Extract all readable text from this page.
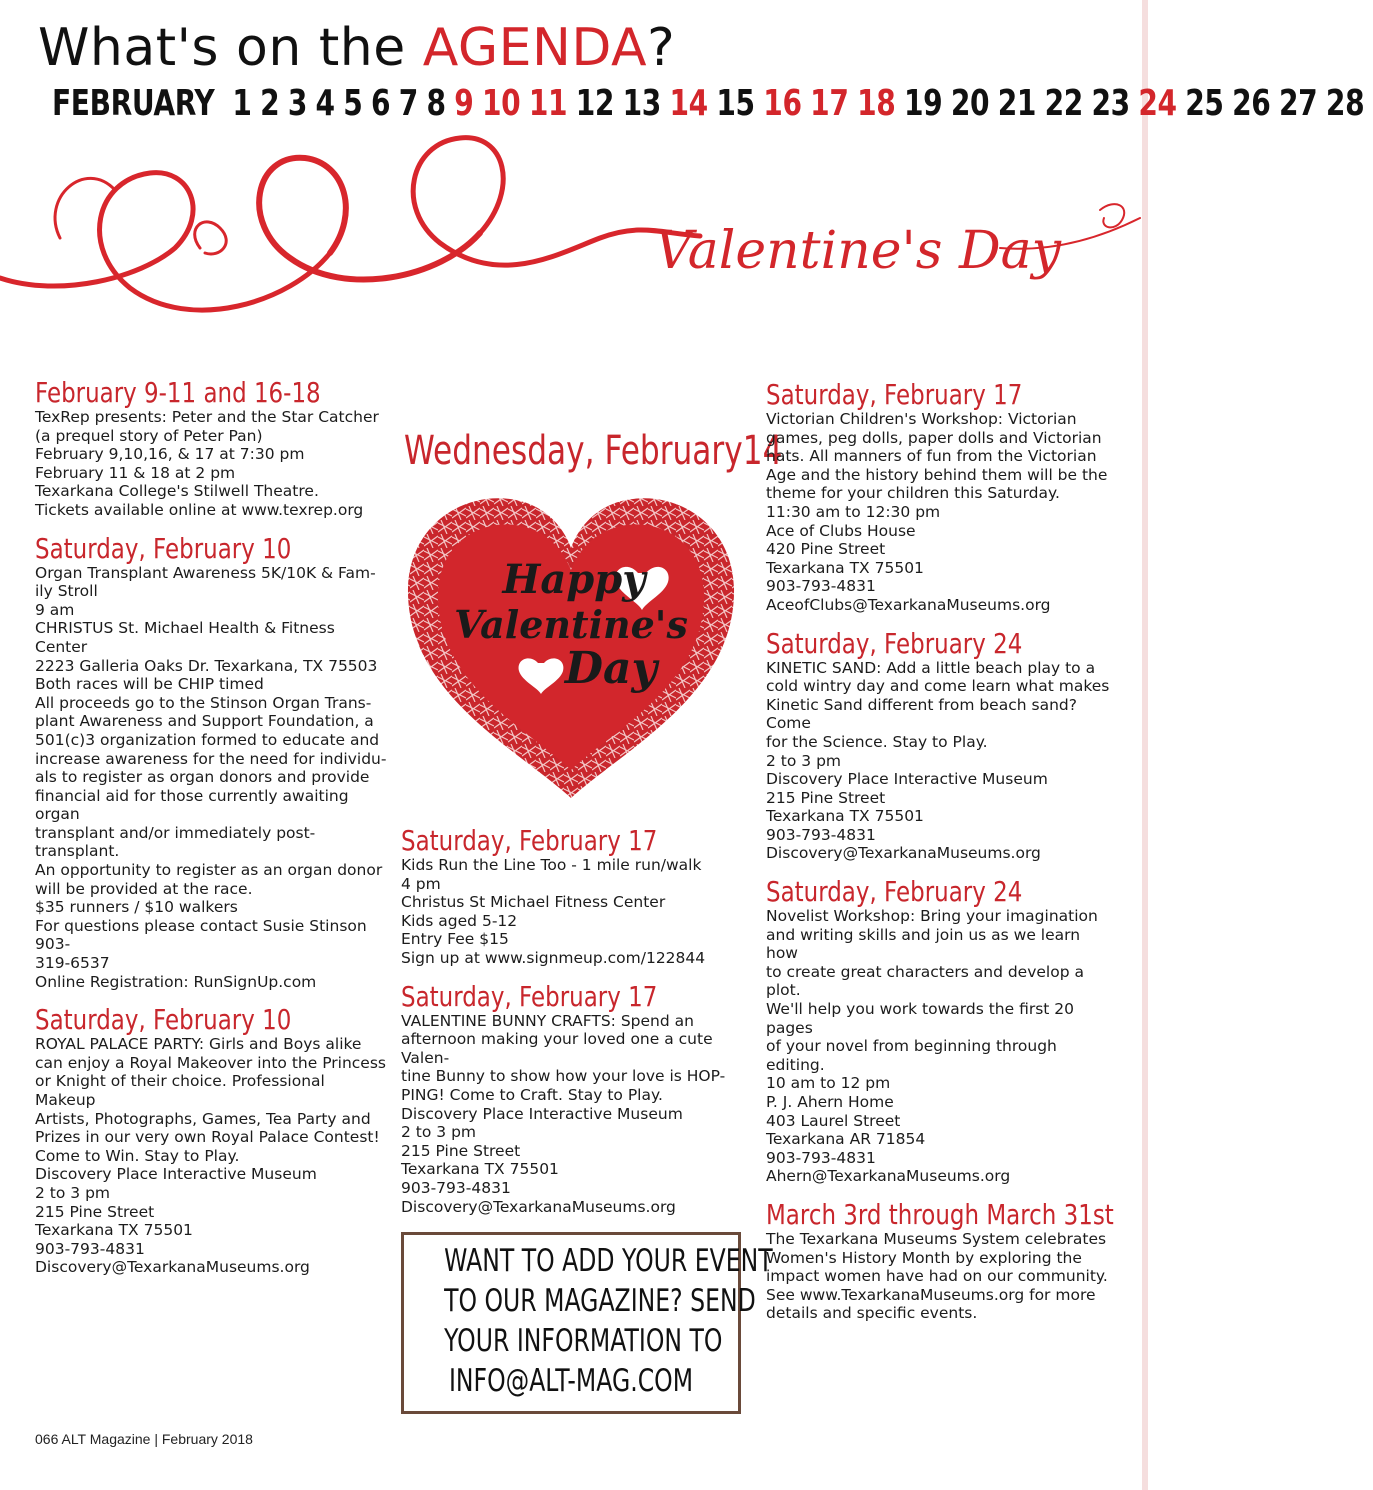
What's on the AGENDA?
FEBRUARY 1 2 3 4 5 6 7 8 9 10 11 12 13 14 15 16 17 18 19 20 21 22 23 24 25 26 27 28
Valentine's Day
February 9-11 and 16-18
TexRep presents: Peter and the Star Catcher
(a prequel story of Peter Pan)
February 9,10,16, & 17 at 7:30 pm
February 11 & 18 at 2 pm
Texarkana College's Stilwell Theatre.
Tickets available online at www.texrep.org
Saturday, February 10
Organ Transplant Awareness 5K/10K & Fam-
ily Stroll
9 am
CHRISTUS St. Michael Health & Fitness Center
2223 Galleria Oaks Dr. Texarkana, TX 75503
Both races will be CHIP timed
All proceeds go to the Stinson Organ Trans-
plant Awareness and Support Foundation, a
501(c)3 organization formed to educate and
increase awareness for the need for individu-
als to register as organ donors and provide
financial aid for those currently awaiting organ
transplant and/or immediately post-transplant.
An opportunity to register as an organ donor
will be provided at the race.
$35 runners / $10 walkers
For questions please contact Susie Stinson 903-
319-6537
Online Registration: RunSignUp.com
Saturday, February 10
ROYAL PALACE PARTY: Girls and Boys alike
can enjoy a Royal Makeover into the Princess
or Knight of their choice. Professional Makeup
Artists, Photographs, Games, Tea Party and
Prizes in our very own Royal Palace Contest!
Come to Win. Stay to Play.
Discovery Place Interactive Museum
2 to 3 pm
215 Pine Street
Texarkana TX 75501
903-793-4831
Discovery@TexarkanaMuseums.org
Wednesday, February14
Happy
Valentine's
Day
Saturday, February 17
Kids Run the Line Too - 1 mile run/walk
4 pm
Christus St Michael Fitness Center
Kids aged 5-12
Entry Fee $15
Sign up at www.signmeup.com/122844
Saturday, February 17
VALENTINE BUNNY CRAFTS: Spend an
afternoon making your loved one a cute Valen-
tine Bunny to show how your love is HOP-
PING! Come to Craft. Stay to Play.
Discovery Place Interactive Museum
2 to 3 pm
215 Pine Street
Texarkana TX 75501
903-793-4831
Discovery@TexarkanaMuseums.org
WANT TO ADD YOUR EVENT
TO OUR MAGAZINE? SEND
YOUR INFORMATION TO
INFO@ALT-MAG.COM
Saturday, February 17
Victorian Children's Workshop: Victorian
games, peg dolls, paper dolls and Victorian
hats. All manners of fun from the Victorian
Age and the history behind them will be the
theme for your children this Saturday.
11:30 am to 12:30 pm
Ace of Clubs House
420 Pine Street
Texarkana TX 75501
903-793-4831
AceofClubs@TexarkanaMuseums.org
Saturday, February 24
KINETIC SAND: Add a little beach play to a
cold wintry day and come learn what makes
Kinetic Sand different from beach sand? Come
for the Science. Stay to Play.
2 to 3 pm
Discovery Place Interactive Museum
215 Pine Street
Texarkana TX 75501
903-793-4831
Discovery@TexarkanaMuseums.org
Saturday, February 24
Novelist Workshop: Bring your imagination
and writing skills and join us as we learn how
to create great characters and develop a plot.
We'll help you work towards the first 20 pages
of your novel from beginning through editing.
10 am to 12 pm
P. J. Ahern Home
403 Laurel Street
Texarkana AR 71854
903-793-4831
Ahern@TexarkanaMuseums.org
March 3rd through March 31st
The Texarkana Museums System celebrates
Women's History Month by exploring the
impact women have had on our community.
See www.TexarkanaMuseums.org for more
details and specific events.
066 ALT Magazine | February 2018
